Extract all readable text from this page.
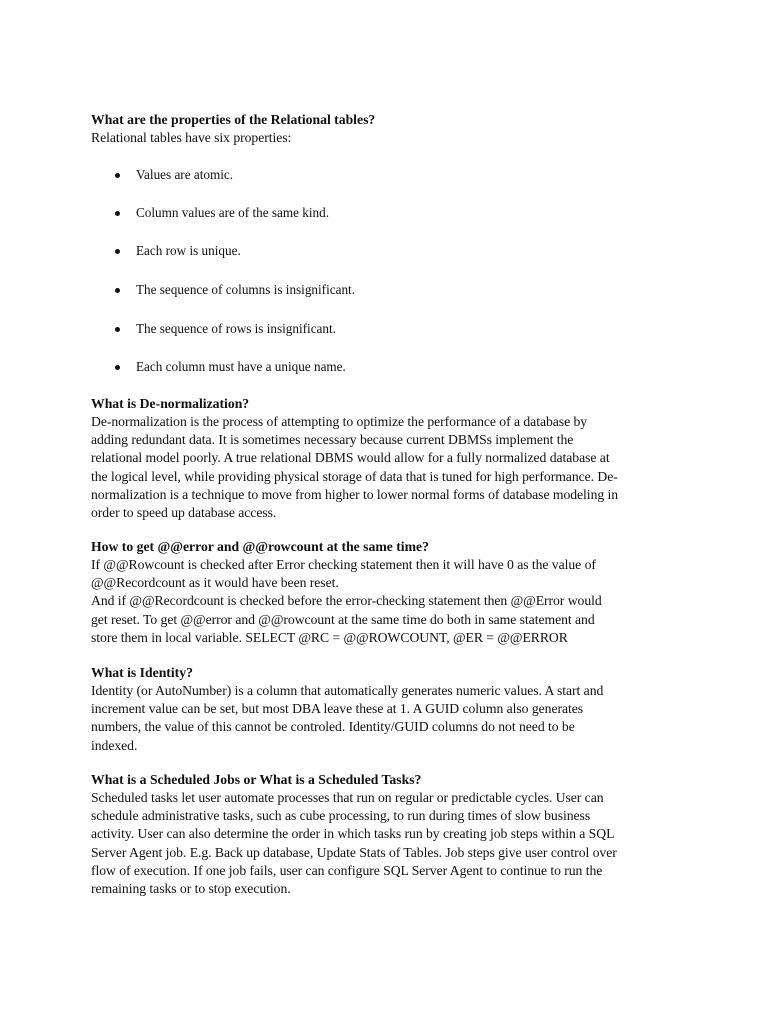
What are the properties of the Relational tables?
Relational tables have six properties:
Values are atomic.
Column values are of the same kind.
Each row is unique.
The sequence of columns is insignificant.
The sequence of rows is insignificant.
Each column must have a unique name.
What is De-normalization?
De-normalization is the process of attempting to optimize the performance of a database by
adding redundant data. It is sometimes necessary because current DBMSs implement the
relational model poorly. A true relational DBMS would allow for a fully normalized database at
the logical level, while providing physical storage of data that is tuned for high performance. De-
normalization is a technique to move from higher to lower normal forms of database modeling in
order to speed up database access.
How to get @@error and @@rowcount at the same time?
If @@Rowcount is checked after Error checking statement then it will have 0 as the value of
@@Recordcount as it would have been reset.
And if @@Recordcount is checked before the error-checking statement then @@Error would
get reset. To get @@error and @@rowcount at the same time do both in same statement and
store them in local variable. SELECT @RC = @@ROWCOUNT, @ER = @@ERROR
What is Identity?
Identity (or AutoNumber) is a column that automatically generates numeric values. A start and
increment value can be set, but most DBA leave these at 1. A GUID column also generates
numbers, the value of this cannot be controled. Identity/GUID columns do not need to be
indexed.
What is a Scheduled Jobs or What is a Scheduled Tasks?
Scheduled tasks let user automate processes that run on regular or predictable cycles. User can
schedule administrative tasks, such as cube processing, to run during times of slow business
activity. User can also determine the order in which tasks run by creating job steps within a SQL
Server Agent job. E.g. Back up database, Update Stats of Tables. Job steps give user control over
flow of execution. If one job fails, user can configure SQL Server Agent to continue to run the
remaining tasks or to stop execution.
